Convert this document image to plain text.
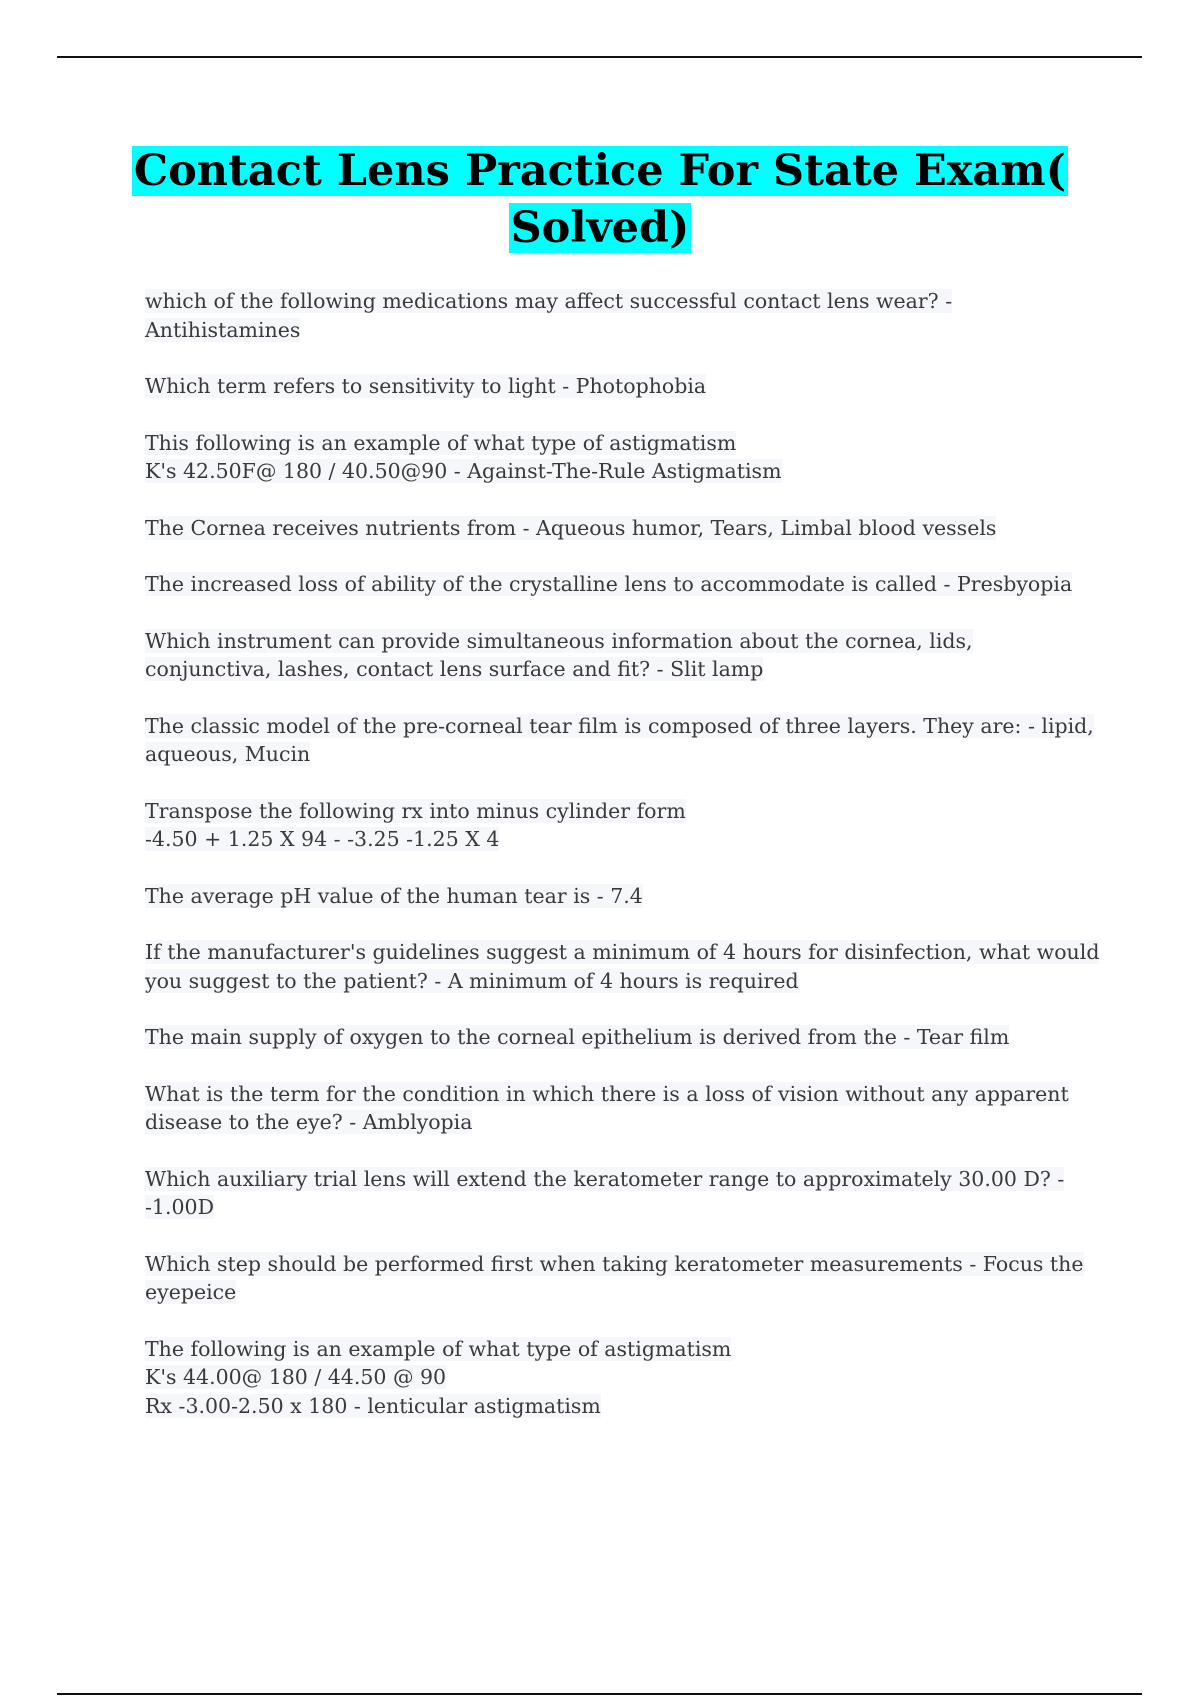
Contact Lens Practice For State Exam( Solved)
which of the following medications may affect successful contact lens wear? - Antihistamines
Which term refers to sensitivity to light - Photophobia
This following is an example of what type of astigmatism
K's 42.50F@ 180 / 40.50@90 - Against-The-Rule Astigmatism
The Cornea receives nutrients from - Aqueous humor, Tears, Limbal blood vessels
The increased loss of ability of the crystalline lens to accommodate is called - Presbyopia
Which instrument can provide simultaneous information about the cornea, lids, conjunctiva, lashes, contact lens surface and fit? - Slit lamp
The classic model of the pre-corneal tear film is composed of three layers. They are: - lipid, aqueous, Mucin
Transpose the following rx into minus cylinder form
-4.50 + 1.25 X 94 - -3.25 -1.25 X 4
The average pH value of the human tear is - 7.4
If the manufacturer's guidelines suggest a minimum of 4 hours for disinfection, what would you suggest to the patient? - A minimum of 4 hours is required
The main supply of oxygen to the corneal epithelium is derived from the - Tear film
What is the term for the condition in which there is a loss of vision without any apparent disease to the eye? - Amblyopia
Which auxiliary trial lens will extend the keratometer range to approximately 30.00 D? - -1.00D
Which step should be performed first when taking keratometer measurements - Focus the eyepeice
The following is an example of what type of astigmatism
K's 44.00@ 180 / 44.50 @ 90
Rx -3.00-2.50 x 180 - lenticular astigmatism
